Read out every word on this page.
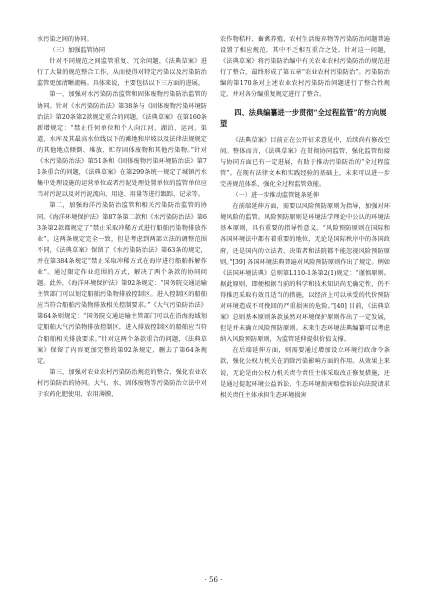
水污染之间的协同。

（三）加强监管协同

针对不同规范之间监管重复、冗余问题，《法典草案》进行了大量的规范整合工作，从而使得对特定污染以及污染防治监管更加清晰流畅。具体来说，主要包括以下三方面的进展。

第一，加强对水污染防治监管和固体废物污染防治监管的协同。针对《水污染防治法》第38条与《固体废物污染环境防治法》第20条第2款规定重合的问题，《法典草案》在第160条新增规定：“禁止任何单位和个人向江河、湖泊、运河、渠道、水库及其最高水位线以下的滩地和岸坡以及法律法规规定的其他地点倾倒、堆放、贮存固体废物和其他污染物。”针对《水污染防治法》第51条和《固体废物污染环境防治法》第71条重合的问题，《法典草案》在第299条统一规定了城镇污水集中处理设施的运营单位或者污泥处理处置单位的监管单位应当对污泥以及对污泥流向、用途、用量等进行跟踪、记录等。

第二，加强海洋污染防治监管和相关污染防治监管的协同。《海洋环境保护法》第87条第二款和《水污染防治法》第63条第2款都规定了“禁止采取冲稀方式进行船舶污染物排放作业”。这两条规定完全一致，但是考虑到两部立法的调整范围不同，《法典草案》保留了《水污染防治法》第63条的规定，并在第384条规定“禁止采取冲稀方式在海岸进行船舶拆解作业”。通过限定作业范围的方式，解决了两个条款的协同问题。此外，《海洋环境保护法》第92条规定：“国务院交通运输主管部门可以划定船舶污染物排放控制区。进入控制区的船舶应当符合船舶污染物排放相关控制要求。”《大气污染防治法》第64条则规定：“国务院交通运输主管部门可以在沿海海域划定船舶大气污染物排放控制区，进入排放控制区的船舶应当符合船舶相关排放要求。”针对这两个条款重合的问题，《法典草案》保留了内容更加完整的第92条规定，删去了第64条规定。

第三，加强对农业农村污染防治规范的整合，强化农业农村污染防治的协同。大气、水、固体废物等污染防治立法中对于农药化肥使用、农用薄膜、

农作物秸秆、畜禽养殖、农村生活废弃物等污染防治问题普遍设置了相应规范，其中不乏相互重合之处。针对这一问题，《法典草案》将污染防治编中有关农业农村污染防治的规范进行了整合，最终形成了第五章“农业农村污染防治”。污染防治编的第170条对上述农业农村污染防治问题进行了整合性规定，并对各分编重复规定进行了整合。

四、法典编纂进一步贯彻“全过程监管”的方向展望

《法典草案》目前正在公开征求意见中，后续尚有修改空间。整体而言，《法典草案》在贯彻协同监管、强化监管衔接与协同方面已有一定进展，有助于推动污染防治的“全过程监管”。在现有法律文本和实践经验的基础上，未来可以进一步完善规范体系，强化全过程监管效能。

（一）进一步推动监管链条延伸

在前端延伸方面，需要以风险预防原则为指导，加强对环境风险的监管。风险预防原则是环境法学理论中公认的环境法基本原则，具有重要的指导性意义。“风险预防原则在国际和各国环境法中都有着重要的地位，无论是国际秩序中的各国政府，还是国内的立法者、决策者和法院都不能忽视风险预防原则。”[39] 各国环境法典普遍对风险预防原则作出了规定。例如《法国环境法典》总则第L110-1条第2(1)规定：“谨慎原则。据此原则，即便根据当前的科学和技术知识尚无确定性，仍不得推迟采取有效且适当的措施，以经济上可以承受的代价预防对环境造成不可挽回的严重损害的危险。”[40] 目前，《法典草案》总则基本原则条款虽然对环境保护原则作出了一定发展，但是并未确立风险预防原则。未来生态环境法典编纂可以考虑纳入风险预防原则，为监管延伸提供价值支撑。

在后端延伸方面，则需要通过增加设立环境行政命令条款，强化公权力机关在消除污染影响方面的作用。从效果上来说，无论是由公权力机关责令责任主体采取改正修复措施，还是通过提起环境公益诉讼、生态环境损害赔偿诉讼向法院请求相关责任主体承担生态环境损害

· 56 ·
